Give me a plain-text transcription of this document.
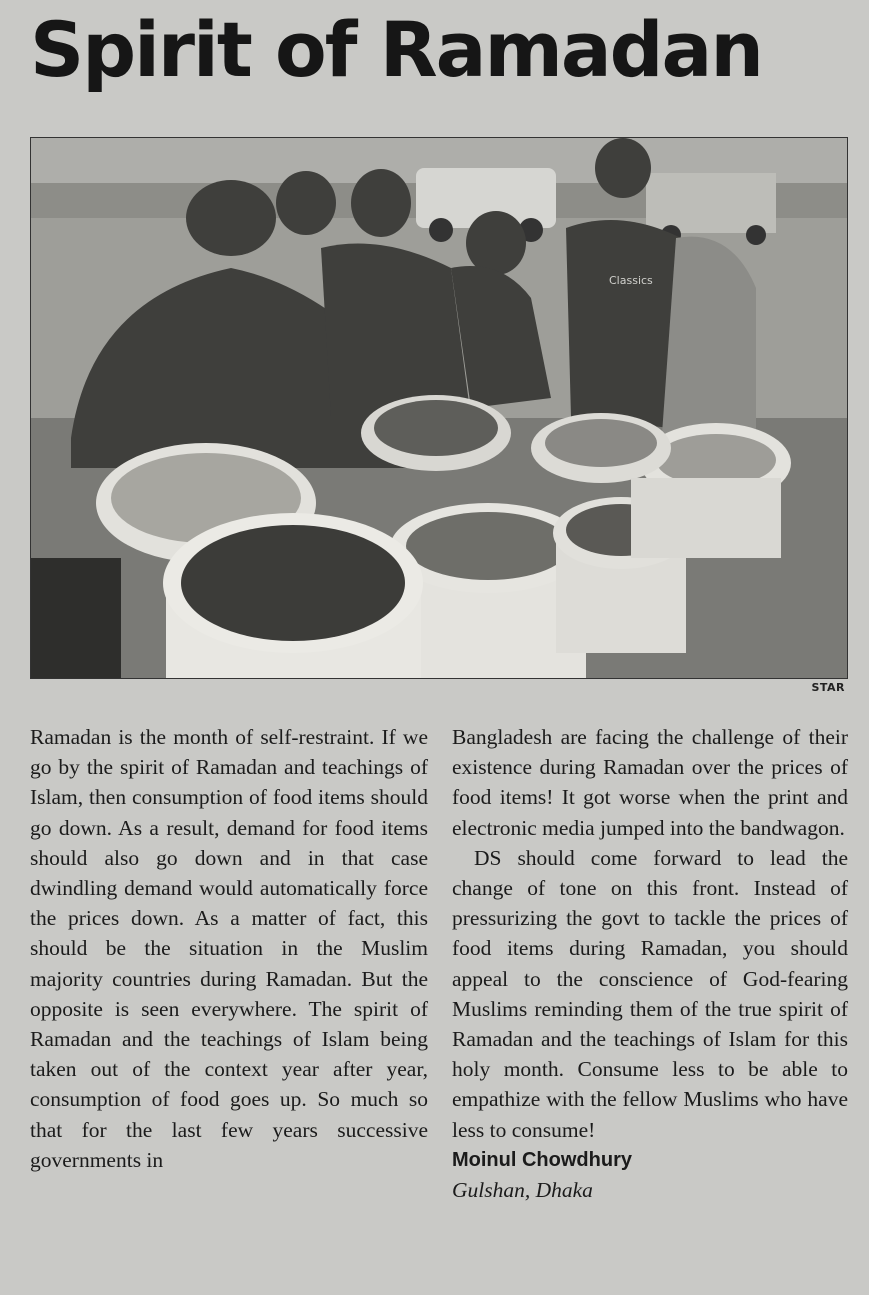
Spirit of Ramadan
Classics
STAR

Ramadan is the month of self-restraint. If we go by the spirit of Ramadan and teachings of Islam, then consumption of food items should go down. As a result, demand for food items should also go down and in that case dwindling demand would automatically force the prices down. As a matter of fact, this should be the situation in the Muslim majority countries during Ramadan. But the opposite is seen everywhere. The spirit of Ramadan and the teachings of Islam being taken out of the context year after year, consumption of food goes up. So much so that for the last few years successive governments in

Bangladesh are facing the challenge of their existence during Ramadan over the prices of food items! It got worse when the print and electronic media jumped into the bandwagon.

DS should come forward to lead the change of tone on this front. Instead of pressurizing the govt to tackle the prices of food items during Ramadan, you should appeal to the conscience of God-fearing Muslims reminding them of the true spirit of Ramadan and the teachings of Islam for this holy month. Consume less to be able to empathize with the fellow Muslims who have less to consume!

Moinul Chowdhury

Gulshan, Dhaka
